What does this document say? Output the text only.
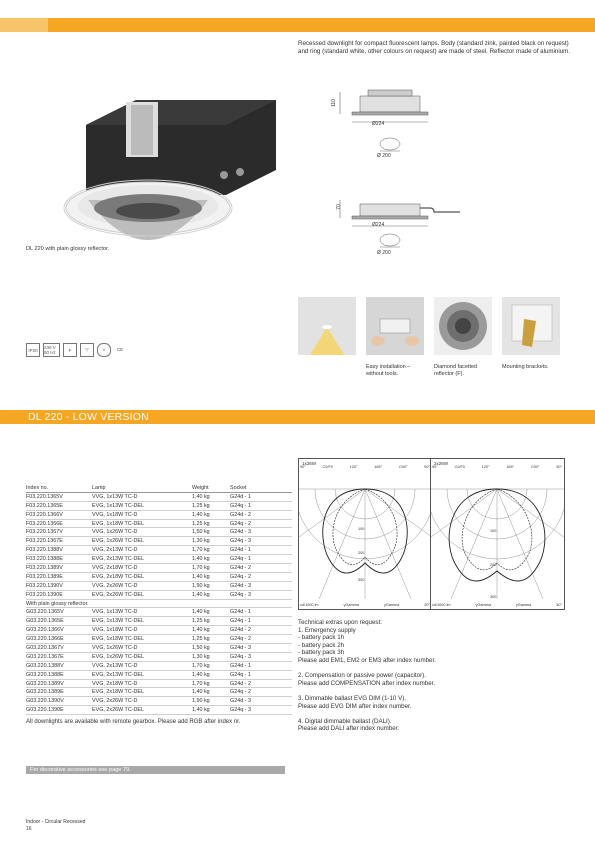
Recessed downlight for compact fluorescent lamps. Body (standard zink, painted black on request) and ring (standard white, other colours on request) are made of steel. Reflector made of aluminium.
DL 220 with plain glossy reflector.
110
Ø224
Ø 200
70
Ø224
Ø 200
Easy installation – without tools.
Diamond facetted reflector (F).
Mounting brackets.
IP20	230 V 50 Hz	F	▽	⏚	CE
DL 220 - LOW VERSION
Index no.	Lamp	Weight	Socket
F03.220.1365V	VVG, 1x13W TC-D	1,40 kg	G24d - 1
F03.220.1365E	EVG, 1x13W TC-DEL	1,25 kg	G24q - 1
F03.220.1366V	VVG, 1x18W TC-D	1,40 kg	G24d - 2
F03.220.1366E	EVG, 1x18W TC-DEL	1,25 kg	G24q - 2
F03.220.1367V	VVG, 1x26W TC-D	1,50 kg	G24d - 3
F03.220.1367E	EVG, 1x26W TC-DEL	1,30 kg	G24q - 3
F03.220.1388V	VVG, 2x13W TC-D	1,70 kg	G24d - 1
F03.220.1388E	EVG, 2x13W TC-DEL	1,40 kg	G24q - 1
F03.220.1389V	VVG, 2x18W TC-D	1,70 kg	G24d - 2
F03.220.1389E	EVG, 2x18W TC-DEL	1,40 kg	G24q - 2
F03.220.1390V	VVG, 2x26W TC-D	1,90 kg	G24d - 3
F03.220.1390E	EVG, 2x26W TC-DEL	1,40 kg	G24q - 3
With plain glossy reflector.			
G03.220.1365V	VVG, 1x13W TC-D	1,40 kg	G24d - 1
G03.220.1365E	EVG, 1x13W TC-DEL	1,25 kg	G24q - 1
G03.220.1366V	VVG, 1x18W TC-D	1,40 kg	G24d - 2
G03.220.1366E	EVG, 1x18W TC-DEL	1,25 kg	G24q - 2
G03.220.1367V	VVG, 1x26W TC-D	1,50 kg	G24d - 3
G03.220.1367E	EVG, 1x26W TC-DEL	1,30 kg	G24q - 3
G03.220.1388V	VVG, 2x13W TC-D	1,70 kg	G24d - 1
G03.220.1388E	EVG, 2x13W TC-DEL	1,40 kg	G24q - 1
G03.220.1389V	VVG, 2x18W TC-D	1,70 kg	G24d - 2
G03.220.1389E	EVG, 2x18W TC-DEL	1,40 kg	G24q - 2
G03.220.1390V	VVG, 2x26W TC-D	1,90 kg	G24d - 3
G03.220.1390E	EVG, 2x26W TC-DEL	1,40 kg	G24q - 3
All downlights are available with remote gearbox. Please add RGB after index nr.
For decorative accessories see page 79.
1x26W
90°	C0/F0	120°	165°	C90°	90°
cd/1000 lm	γGamma	γGamma	30°
2x26W
90°	C0/F0	120°	165°	C90°	90°
cd/1000 lm	γGamma	γGamma	30°
100
200
300
100
200
300
Technical extras upon request:

1. Emergency supply
- battery pack 1h
- battery pack 2h
- battery pack 3h
Please add EM1, EM2 or EM3 after index number.

2. Compensation or passive power (capacitor).
Please add COMPENSATION after index number.

3. Dimmable ballast EVG DIM (1-10 V).
Please add EVG DIM after index number.

4. Digital dimmable ballast (DALI).
Please add DALI after index number.

Indoor - Circular Recessed
16
